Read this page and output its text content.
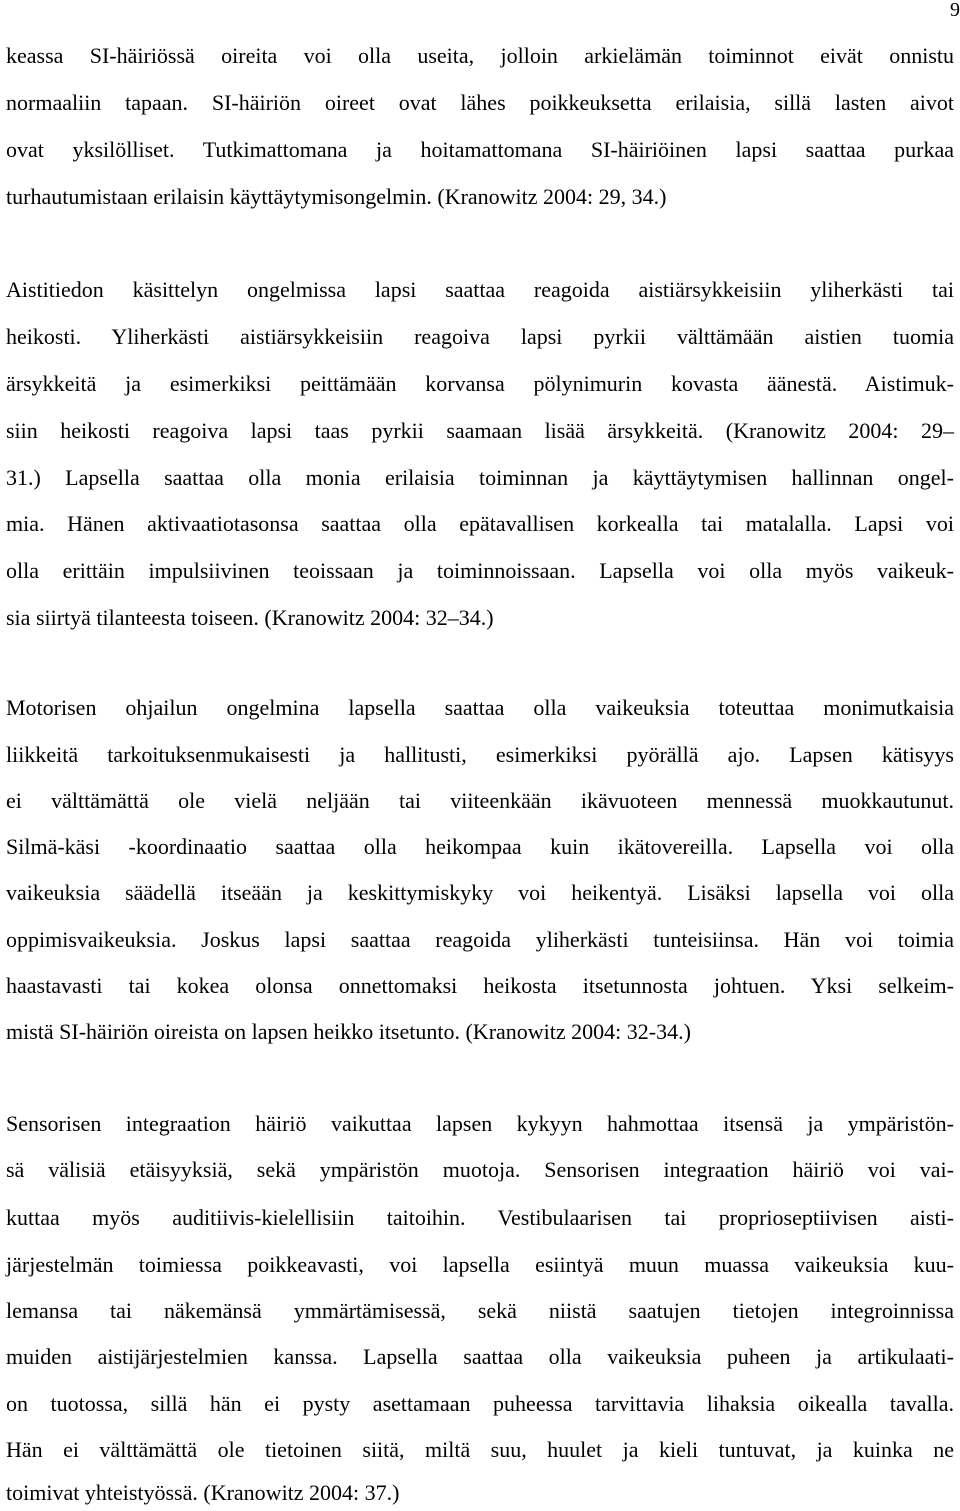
9

keassa SI-häiriössä oireita voi olla useita, jolloin arkielämän toiminnot eivät onnistu

normaaliin tapaan. SI-häiriön oireet ovat lähes poikkeuksetta erilaisia, sillä lasten aivot

ovat yksilölliset. Tutkimattomana ja hoitamattomana SI-häiriöinen lapsi saattaa purkaa

turhautumistaan erilaisin käyttäytymisongelmin. (Kranowitz 2004: 29, 34.)

Aistitiedon käsittelyn ongelmissa lapsi saattaa reagoida aistiärsykkeisiin yliherkästi tai

heikosti. Yliherkästi aistiärsykkeisiin reagoiva lapsi pyrkii välttämään aistien tuomia

ärsykkeitä ja esimerkiksi peittämään korvansa pölynimurin kovasta äänestä. Aistimuk-

siin heikosti reagoiva lapsi taas pyrkii saamaan lisää ärsykkeitä. (Kranowitz 2004: 29–

31.) Lapsella saattaa olla monia erilaisia toiminnan ja käyttäytymisen hallinnan ongel-

mia. Hänen aktivaatiotasonsa saattaa olla epätavallisen korkealla tai matalalla. Lapsi voi

olla erittäin impulsiivinen teoissaan ja toiminnoissaan. Lapsella voi olla myös vaikeuk-

sia siirtyä tilanteesta toiseen. (Kranowitz 2004: 32–34.)

Motorisen ohjailun ongelmina lapsella saattaa olla vaikeuksia toteuttaa monimutkaisia

liikkeitä tarkoituksenmukaisesti ja hallitusti, esimerkiksi pyörällä ajo. Lapsen kätisyys

ei välttämättä ole vielä neljään tai viiteenkään ikävuoteen mennessä muokkautunut.

Silmä-käsi -koordinaatio saattaa olla heikompaa kuin ikätovereilla. Lapsella voi olla

vaikeuksia säädellä itseään ja keskittymiskyky voi heikentyä. Lisäksi lapsella voi olla

oppimisvaikeuksia. Joskus lapsi saattaa reagoida yliherkästi tunteisiinsa. Hän voi toimia

haastavasti tai kokea olonsa onnettomaksi heikosta itsetunnosta johtuen. Yksi selkeim-

mistä SI-häiriön oireista on lapsen heikko itsetunto. (Kranowitz 2004: 32-34.)

Sensorisen integraation häiriö vaikuttaa lapsen kykyyn hahmottaa itsensä ja ympäristön-

sä välisiä etäisyyksiä, sekä ympäristön muotoja. Sensorisen integraation häiriö voi vai-

kuttaa myös auditiivis-kielellisiin taitoihin. Vestibulaarisen tai proprioseptiivisen aisti-

järjestelmän toimiessa poikkeavasti, voi lapsella esiintyä muun muassa vaikeuksia kuu-

lemansa tai näkemänsä ymmärtämisessä, sekä niistä saatujen tietojen integroinnissa

muiden aistijärjestelmien kanssa. Lapsella saattaa olla vaikeuksia puheen ja artikulaati-

on tuotossa, sillä hän ei pysty asettamaan puheessa tarvittavia lihaksia oikealla tavalla.

Hän ei välttämättä ole tietoinen siitä, miltä suu, huulet ja kieli tuntuvat, ja kuinka ne

toimivat yhteistyössä. (Kranowitz 2004: 37.)
